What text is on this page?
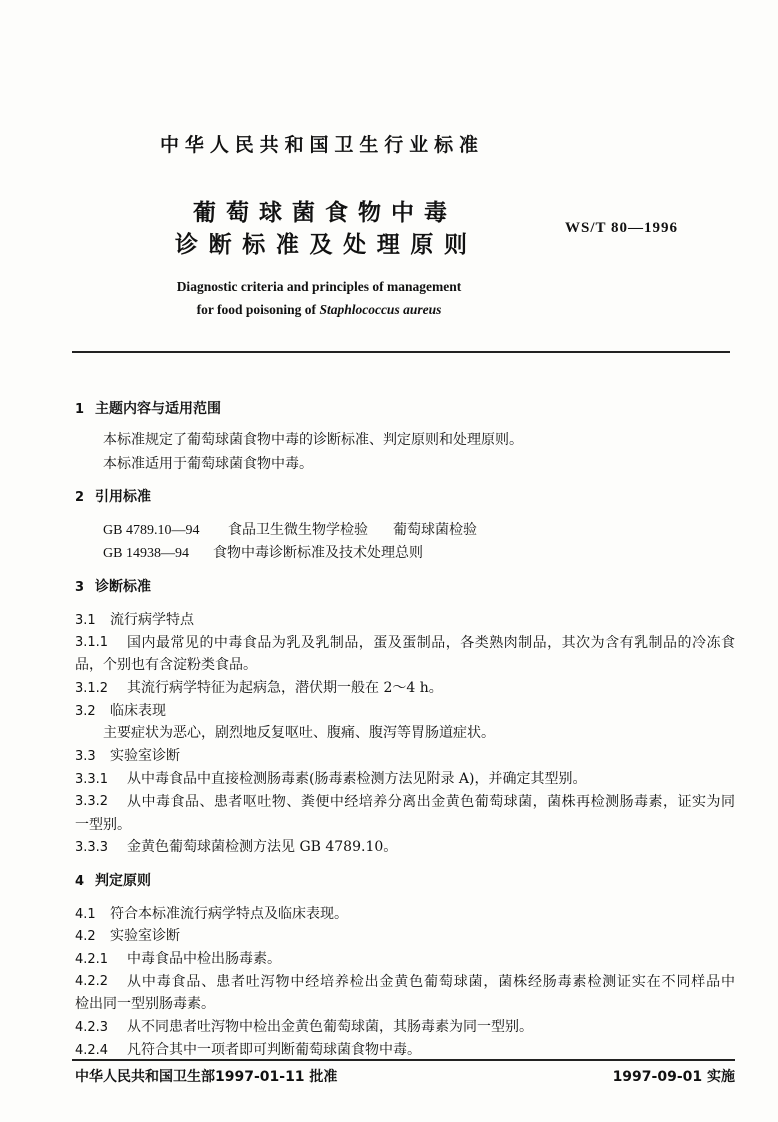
中华人民共和国卫生行业标准
葡萄球菌食物中毒
诊断标准及处理原则
WS/T 80—1996
Diagnostic criteria and principles of management
for food poisoning of Staphlococcus aureus
1 主题内容与适用范围
本标准规定了葡萄球菌食物中毒的诊断标准、判定原则和处理原则。
本标准适用于葡萄球菌食物中毒。
2 引用标准
GB 4789.10—94 食品卫生微生物学检验 葡萄球菌检验
GB 14938—94 食物中毒诊断标准及技术处理总则
3 诊断标准
3.1 流行病学特点
3.1.1	国内最常见的中毒食品为乳及乳制品，蛋及蛋制品，各类熟肉制品，其次为含有乳制品的冷冻食
品，个别也有含淀粉类食品。
3.1.2 其流行病学特征为起病急，潜伏期一般在 2～4 h。
3.2 临床表现
主要症状为恶心，剧烈地反复呕吐、腹痛、腹泻等胃肠道症状。
3.3 实验室诊断
3.3.1 从中毒食品中直接检测肠毒素(肠毒素检测方法见附录 A)，并确定其型别。
3.3.2	从中毒食品、患者呕吐物、粪便中经培养分离出金黄色葡萄球菌，菌株再检测肠毒素，证实为同
一型别。
3.3.3 金黄色葡萄球菌检测方法见 GB 4789.10。
4 判定原则
4.1 符合本标准流行病学特点及临床表现。
4.2 实验室诊断
4.2.1 中毒食品中检出肠毒素。
4.2.2	从中毒食品、患者吐泻物中经培养检出金黄色葡萄球菌，菌株经肠毒素检测证实在不同样品中
检出同一型别肠毒素。
4.2.3 从不同患者吐泻物中检出金黄色葡萄球菌，其肠毒素为同一型别。
4.2.4 凡符合其中一项者即可判断葡萄球菌食物中毒。
中华人民共和国卫生部1997-01-11 批准	1997-09-01 实施
